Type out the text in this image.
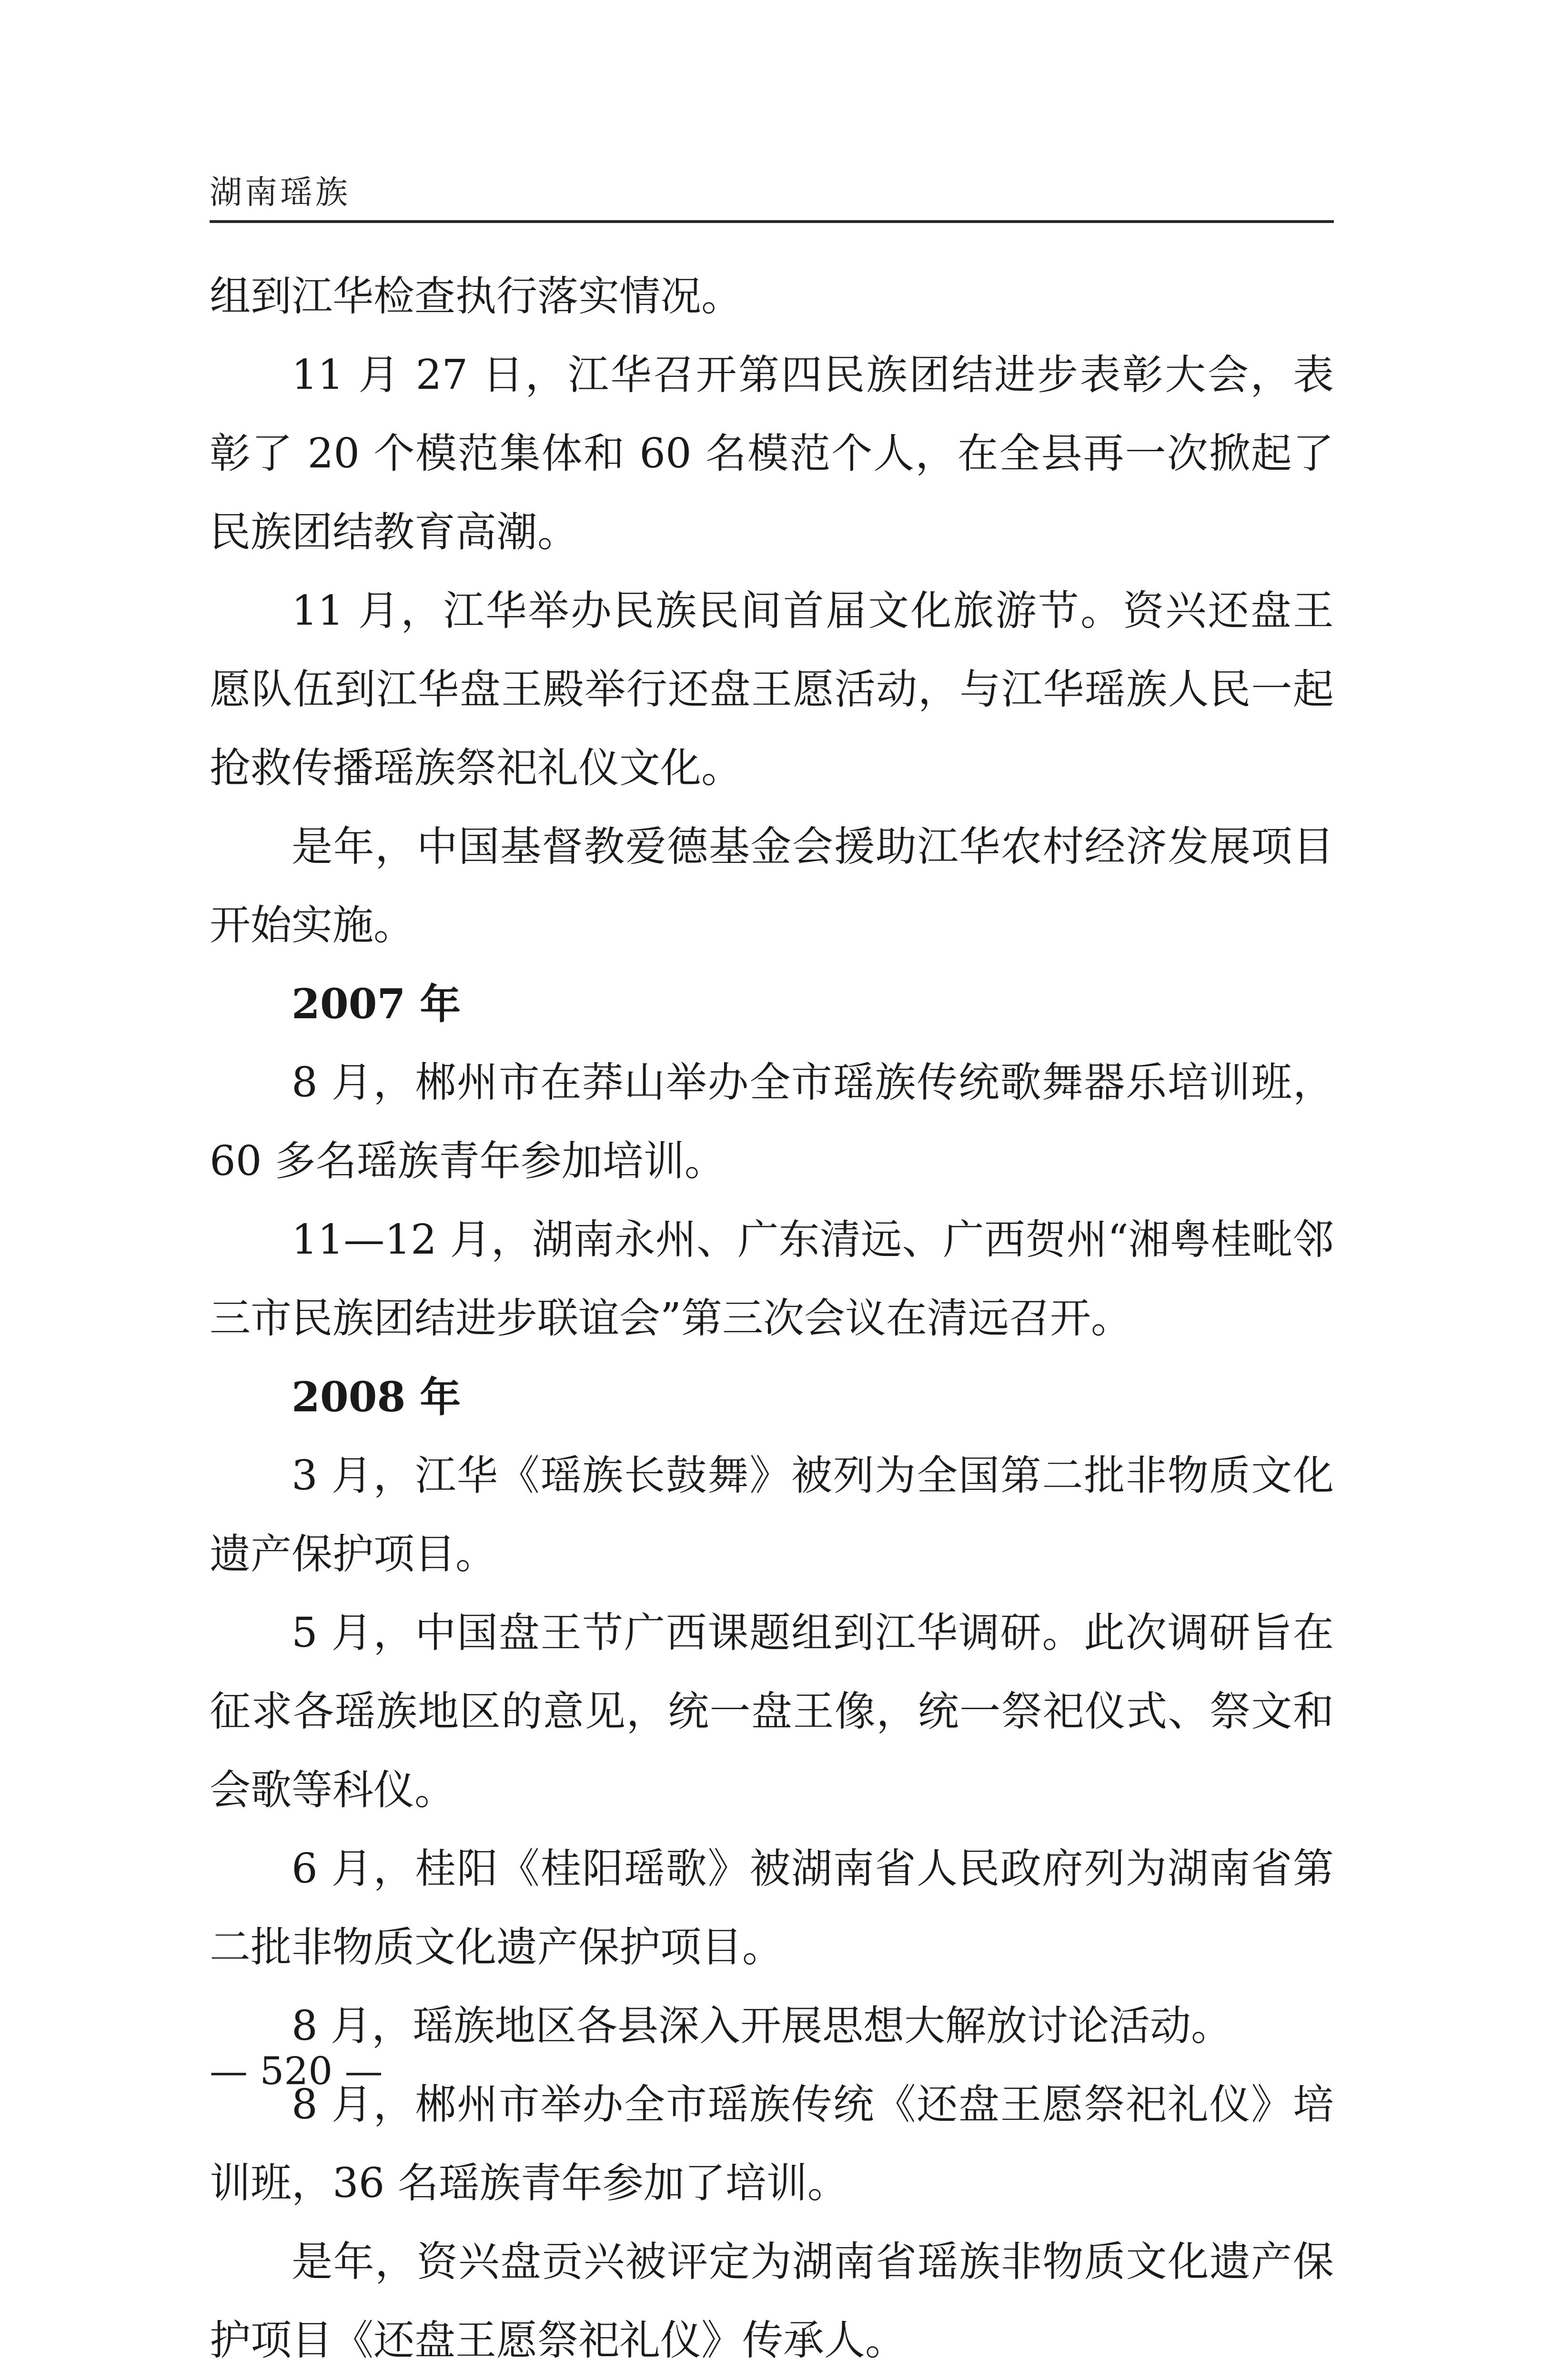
湖南瑶族

组到江华检查执行落实情况。

11 月 27 日，江华召开第四民族团结进步表彰大会，表彰了 20 个模范集体和 60 名模范个人，在全县再一次掀起了民族团结教育高潮。

11 月，江华举办民族民间首届文化旅游节。资兴还盘王愿队伍到江华盘王殿举行还盘王愿活动，与江华瑶族人民一起抢救传播瑶族祭祀礼仪文化。

是年，中国基督教爱德基金会援助江华农村经济发展项目开始实施。

2007 年

8 月，郴州市在莽山举办全市瑶族传统歌舞器乐培训班，60 多名瑶族青年参加培训。

11—12 月，湖南永州、广东清远、广西贺州“湘粤桂毗邻三市民族团结进步联谊会”第三次会议在清远召开。

2008 年

3 月，江华《瑶族长鼓舞》被列为全国第二批非物质文化遗产保护项目。

5 月，中国盘王节广西课题组到江华调研。此次调研旨在征求各瑶族地区的意见，统一盘王像，统一祭祀仪式、祭文和会歌等科仪。

6 月，桂阳《桂阳瑶歌》被湖南省人民政府列为湖南省第二批非物质文化遗产保护项目。

8 月，瑶族地区各县深入开展思想大解放讨论活动。

8 月，郴州市举办全市瑶族传统《还盘王愿祭祀礼仪》培训班，36 名瑶族青年参加了培训。

是年，资兴盘贡兴被评定为湖南省瑶族非物质文化遗产保护项目《还盘王愿祭祀礼仪》传承人。

— 520 —
